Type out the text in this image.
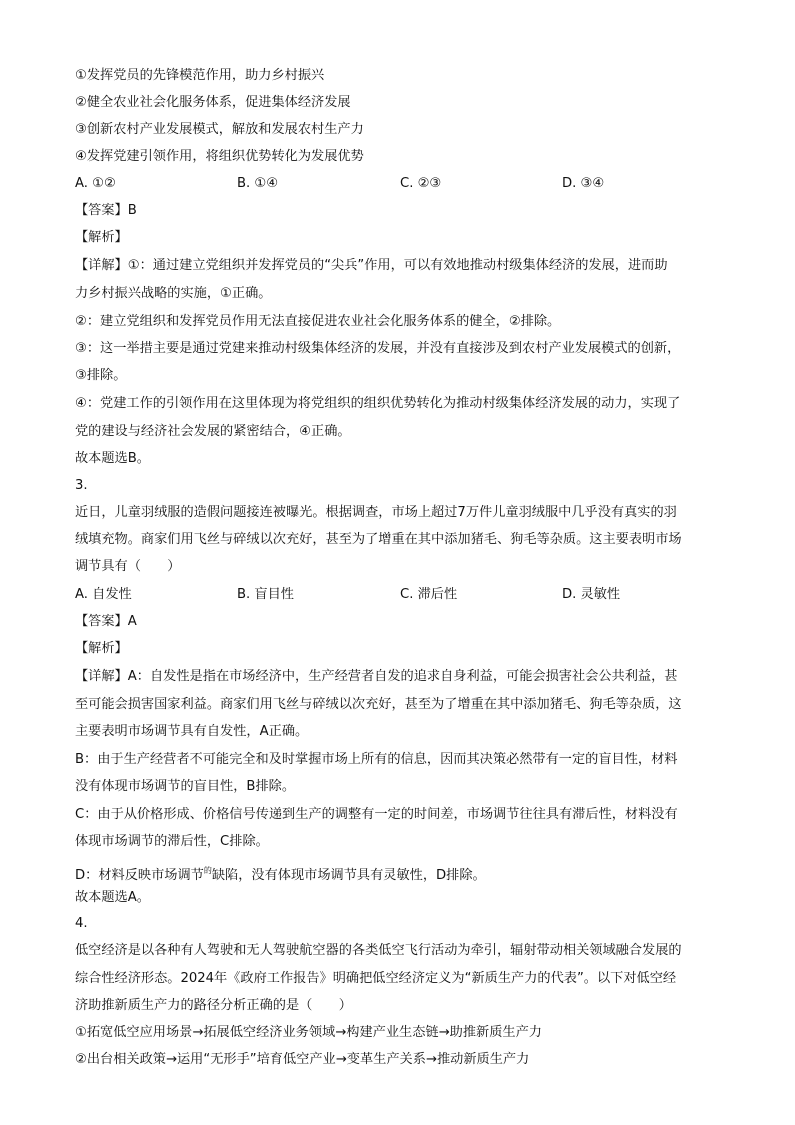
①发挥党员的先锋模范作用，助力乡村振兴
②健全农业社会化服务体系，促进集体经济发展
③创新农村产业发展模式，解放和发展农村生产力
④发挥党建引领作用，将组织优势转化为发展优势
A. ①②	B. ①④	C. ②③	D. ③④
【答案】B
【解析】
【详解】①：通过建立党组织并发挥党员的“尖兵”作用，可以有效地推动村级集体经济的发展，进而助
力乡村振兴战略的实施，①正确。
②：建立党组织和发挥党员作用无法直接促进农业社会化服务体系的健全，②排除。
③：这一举措主要是通过党建来推动村级集体经济的发展，并没有直接涉及到农村产业发展模式的创新，
③排除。
④：党建工作的引领作用在这里体现为将党组织的组织优势转化为推动村级集体经济发展的动力，实现了
党的建设与经济社会发展的紧密结合，④正确。
故本题选B。
3.
近日，儿童羽绒服的造假问题接连被曝光。根据调查，市场上超过7万件儿童羽绒服中几乎没有真实的羽
绒填充物。商家们用飞丝与碎绒以次充好，甚至为了增重在其中添加猪毛、狗毛等杂质。这主要表明市场
调节具有（　　）
A. 自发性	B. 盲目性	C. 滞后性	D. 灵敏性
【答案】A
【解析】
【详解】A：自发性是指在市场经济中，生产经营者自发的追求自身利益，可能会损害社会公共利益，甚
至可能会损害国家利益。商家们用飞丝与碎绒以次充好，甚至为了增重在其中添加猪毛、狗毛等杂质，这
主要表明市场调节具有自发性，A正确。
B：由于生产经营者不可能完全和及时掌握市场上所有的信息，因而其决策必然带有一定的盲目性，材料
没有体现市场调节的盲目性，B排除。
C：由于从价格形成、价格信号传递到生产的调整有一定的时间差，市场调节往往具有滞后性，材料没有
体现市场调节的滞后性，C排除。
D：材料反映市场调节$^的$缺陷，没有体现市场调节具有灵敏性，D排除。
故本题选A。
4.
低空经济是以各种有人驾驶和无人驾驶航空器的各类低空飞行活动为牵引，辐射带动相关领域融合发展的
综合性经济形态。2024年《政府工作报告》明确把低空经济定义为“新质生产力的代表”。以下对低空经
济助推新质生产力的路径分析正确的是（　　）
①拓宽低空应用场景→拓展低空经济业务领域→构建产业生态链→助推新质生产力
②出台相关政策→运用“无形手”培育低空产业→变革生产关系→推动新质生产力
